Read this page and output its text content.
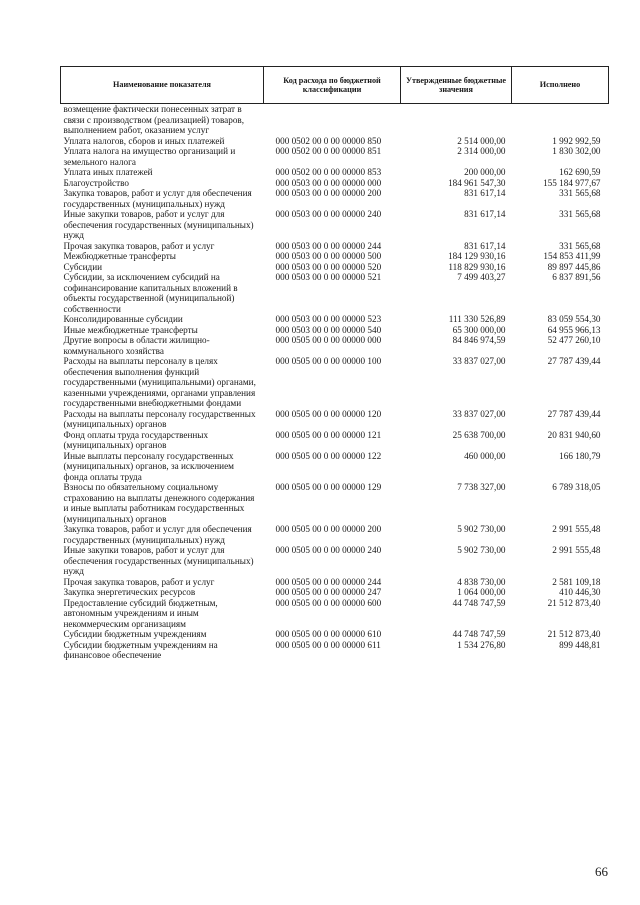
Наименование показателя	Код расхода по бюджетной классификации	Утвержденные бюджетные значения	Исполнено
возмещение фактически понесенных затрат в связи с производством (реализацией) товаров, выполнением работ, оказанием услуг			
Уплата налогов, сборов и иных платежей	000 0502 00 0 00 00000 850	2 514 000,00	1 992 992,59
Уплата налога на имущество организаций и земельного налога	000 0502 00 0 00 00000 851	2 314 000,00	1 830 302,00
Уплата иных платежей	000 0502 00 0 00 00000 853	200 000,00	162 690,59
Благоустройство	000 0503 00 0 00 00000 000	184 961 547,30	155 184 977,67
Закупка товаров, работ и услуг для обеспечения государственных (муниципальных) нужд	000 0503 00 0 00 00000 200	831 617,14	331 565,68
Иные закупки товаров, работ и услуг для обеспечения государственных (муниципальных) нужд	000 0503 00 0 00 00000 240	831 617,14	331 565,68
Прочая закупка товаров, работ и услуг	000 0503 00 0 00 00000 244	831 617,14	331 565,68
Межбюджетные трансферты	000 0503 00 0 00 00000 500	184 129 930,16	154 853 411,99
Субсидии	000 0503 00 0 00 00000 520	118 829 930,16	89 897 445,86
Субсидии, за исключением субсидий на софинансирование капитальных вложений в объекты государственной (муниципальной) собственности	000 0503 00 0 00 00000 521	7 499 403,27	6 837 891,56
Консолидированные субсидии	000 0503 00 0 00 00000 523	111 330 526,89	83 059 554,30
Иные межбюджетные трансферты	000 0503 00 0 00 00000 540	65 300 000,00	64 955 966,13
Другие вопросы в области жилищно-коммунального хозяйства	000 0505 00 0 00 00000 000	84 846 974,59	52 477 260,10
Расходы на выплаты персоналу в целях обеспечения выполнения функций государственными (муниципальными) органами, казенными учреждениями, органами управления государственными внебюджетными фондами	000 0505 00 0 00 00000 100	33 837 027,00	27 787 439,44
Расходы на выплаты персоналу государственных (муниципальных) органов	000 0505 00 0 00 00000 120	33 837 027,00	27 787 439,44
Фонд оплаты труда государственных (муниципальных) органов	000 0505 00 0 00 00000 121	25 638 700,00	20 831 940,60
Иные выплаты персоналу государственных (муниципальных) органов, за исключением фонда оплаты труда	000 0505 00 0 00 00000 122	460 000,00	166 180,79
Взносы по обязательному социальному страхованию на выплаты денежного содержания и иные выплаты работникам государственных (муниципальных) органов	000 0505 00 0 00 00000 129	7 738 327,00	6 789 318,05
Закупка товаров, работ и услуг для обеспечения государственных (муниципальных) нужд	000 0505 00 0 00 00000 200	5 902 730,00	2 991 555,48
Иные закупки товаров, работ и услуг для обеспечения государственных (муниципальных) нужд	000 0505 00 0 00 00000 240	5 902 730,00	2 991 555,48
Прочая закупка товаров, работ и услуг	000 0505 00 0 00 00000 244	4 838 730,00	2 581 109,18
Закупка энергетических ресурсов	000 0505 00 0 00 00000 247	1 064 000,00	410 446,30
Предоставление субсидий бюджетным, автономным учреждениям и иным некоммерческим организациям	000 0505 00 0 00 00000 600	44 748 747,59	21 512 873,40
Субсидии бюджетным учреждениям	000 0505 00 0 00 00000 610	44 748 747,59	21 512 873,40
Субсидии бюджетным учреждениям на финансовое обеспечение	000 0505 00 0 00 00000 611	1 534 276,80	899 448,81
66
